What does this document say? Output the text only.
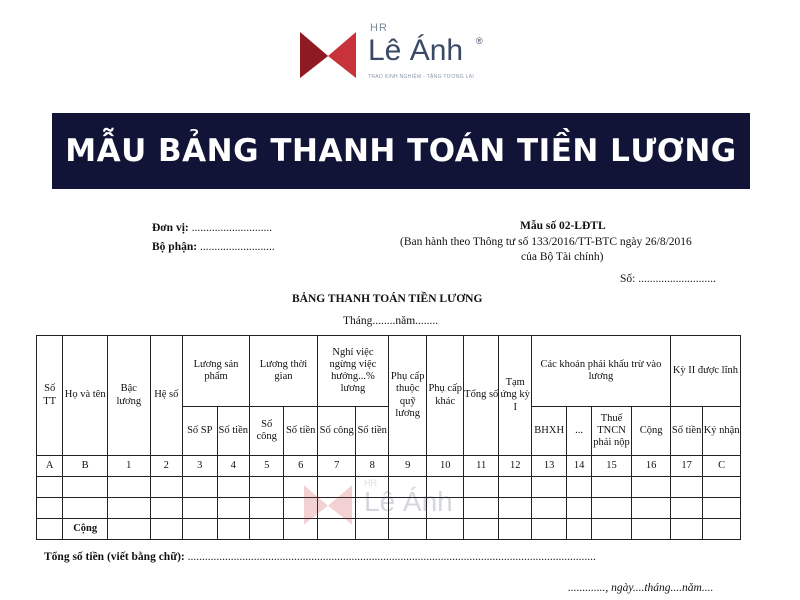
HR
Lê Ánh ®
TRAO KINH NGHIỆM - TẶNG TƯƠNG LAI
MẪU BẢNG THANH TOÁN TIỀN LƯƠNG
Đơn vị: ............................
Bộ phận: ..........................
Mẫu số 02-LĐTL
(Ban hành theo Thông tư số 133/2016/TT-BTC ngày 26/8/2016
của Bộ Tài chính)
Số: ...........................
BẢNG THANH TOÁN TIỀN LƯƠNG
Tháng........năm........
Số TT	Họ và tên	Bậc lương	Hệ số	Lương sản phẩm		Lương thời gian		Nghỉ việc ngừng việc hưởng...% lương		Phụ cấp thuộc quỹ lương	Phụ cấp khác	Tổng số	Tạm ứng kỳ I	Các khoản phải khấu trừ vào lương				Kỳ II được lĩnh	
				Số SP	Số tiền	Số công	Số tiền	Số công	Số tiền					BHXH	...	Thuế TNCN phải nộp	Cộng	Số tiền	Ký nhận
A	B	1	2	3	4	5	6	7	8	9	10	11	12	13	14	15	16	17	C

	Cộng																		
HR
Lê Ánh
Tổng số tiền (viết bằng chữ): ..............................................................................................................................................
............., ngày....tháng....năm....
